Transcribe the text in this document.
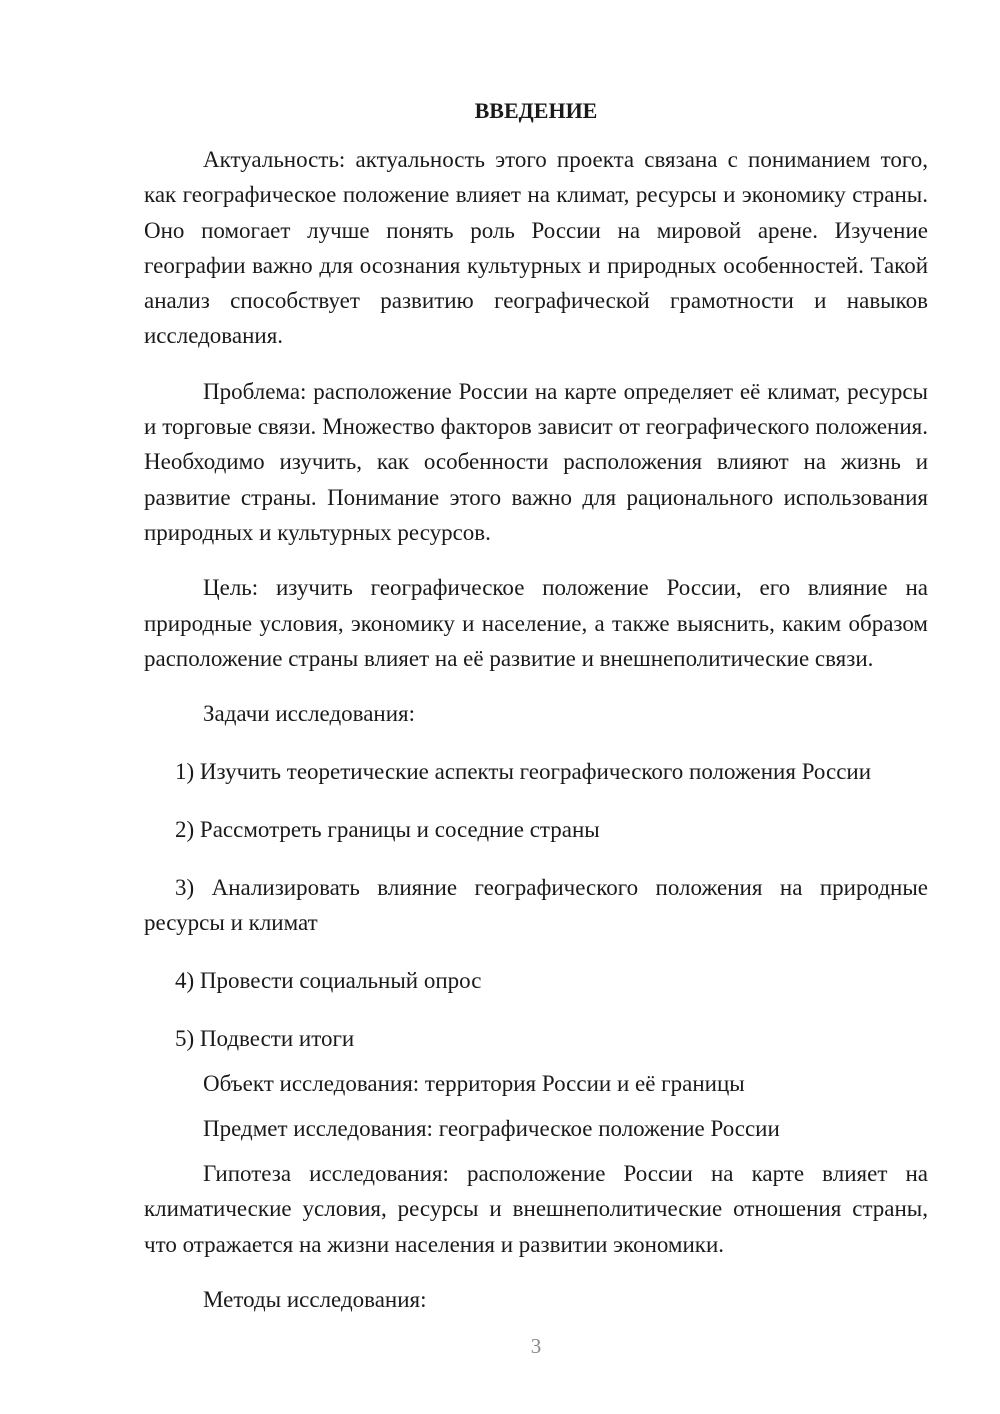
ВВЕДЕНИЕ

Актуальность: актуальность этого проекта связана с пониманием того, как географическое положение влияет на климат, ресурсы и экономику страны. Оно помогает лучше понять роль России на мировой арене. Изучение географии важно для осознания культурных и природных особенностей. Такой анализ способствует развитию географической грамотности и навыков исследования.

Проблема: расположение России на карте определяет её климат, ресурсы и торговые связи. Множество факторов зависит от географического положения. Необходимо изучить, как особенности расположения влияют на жизнь и развитие страны. Понимание этого важно для рационального использования природных и культурных ресурсов.

Цель: изучить географическое положение России, его влияние на природные условия, экономику и население, а также выяснить, каким образом расположение страны влияет на её развитие и внешнеполитические связи.

Задачи исследования:

1) Изучить теоретические аспекты географического положения России

2) Рассмотреть границы и соседние страны

3) Анализировать влияние географического положения на природные ресурсы и климат

4) Провести социальный опрос

5) Подвести итоги

Объект исследования: территория России и её границы

Предмет исследования: географическое положение России

Гипотеза исследования: расположение России на карте влияет на климатические условия, ресурсы и внешнеполитические отношения страны, что отражается на жизни населения и развитии экономики.

Методы исследования:

3
